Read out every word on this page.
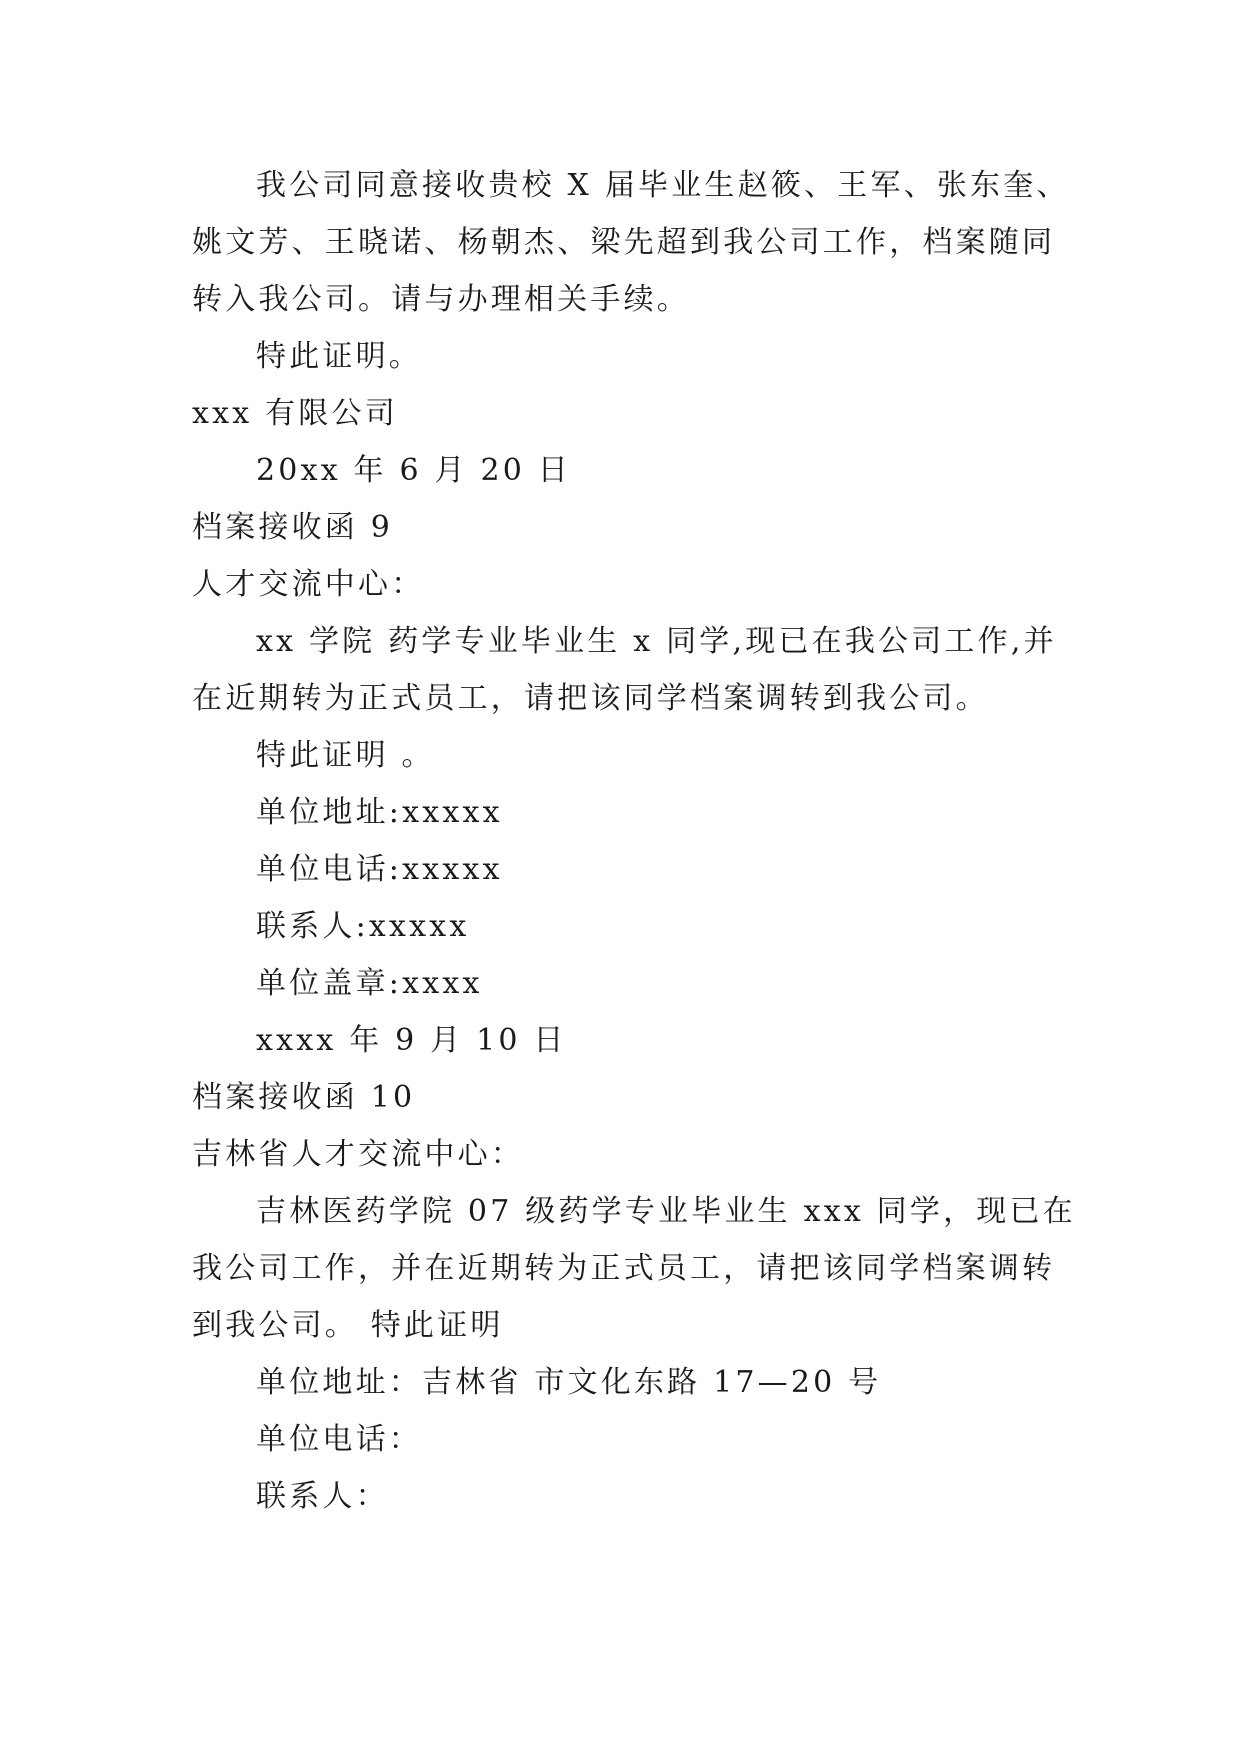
我公司同意接收贵校 X 届毕业生赵筱、王军、张东奎、
姚文芳、王晓诺、杨朝杰、梁先超到我公司工作，档案随同
转入我公司。请与办理相关手续。
特此证明。
xxx 有限公司
20xx 年 6 月 20 日
档案接收函 9
人才交流中心：
xx 学院 药学专业毕业生 x 同学,现已在我公司工作,并
在近期转为正式员工，请把该同学档案调转到我公司。
特此证明 。
单位地址:xxxxx
单位电话:xxxxx
联系人:xxxxx
单位盖章:xxxx
xxxx 年 9 月 10 日
档案接收函 10
吉林省人才交流中心：
吉林医药学院 07 级药学专业毕业生 xxx 同学，现已在
我公司工作，并在近期转为正式员工，请把该同学档案调转
到我公司。 特此证明
单位地址：吉林省 市文化东路 17—20 号
单位电话：
联系人：
